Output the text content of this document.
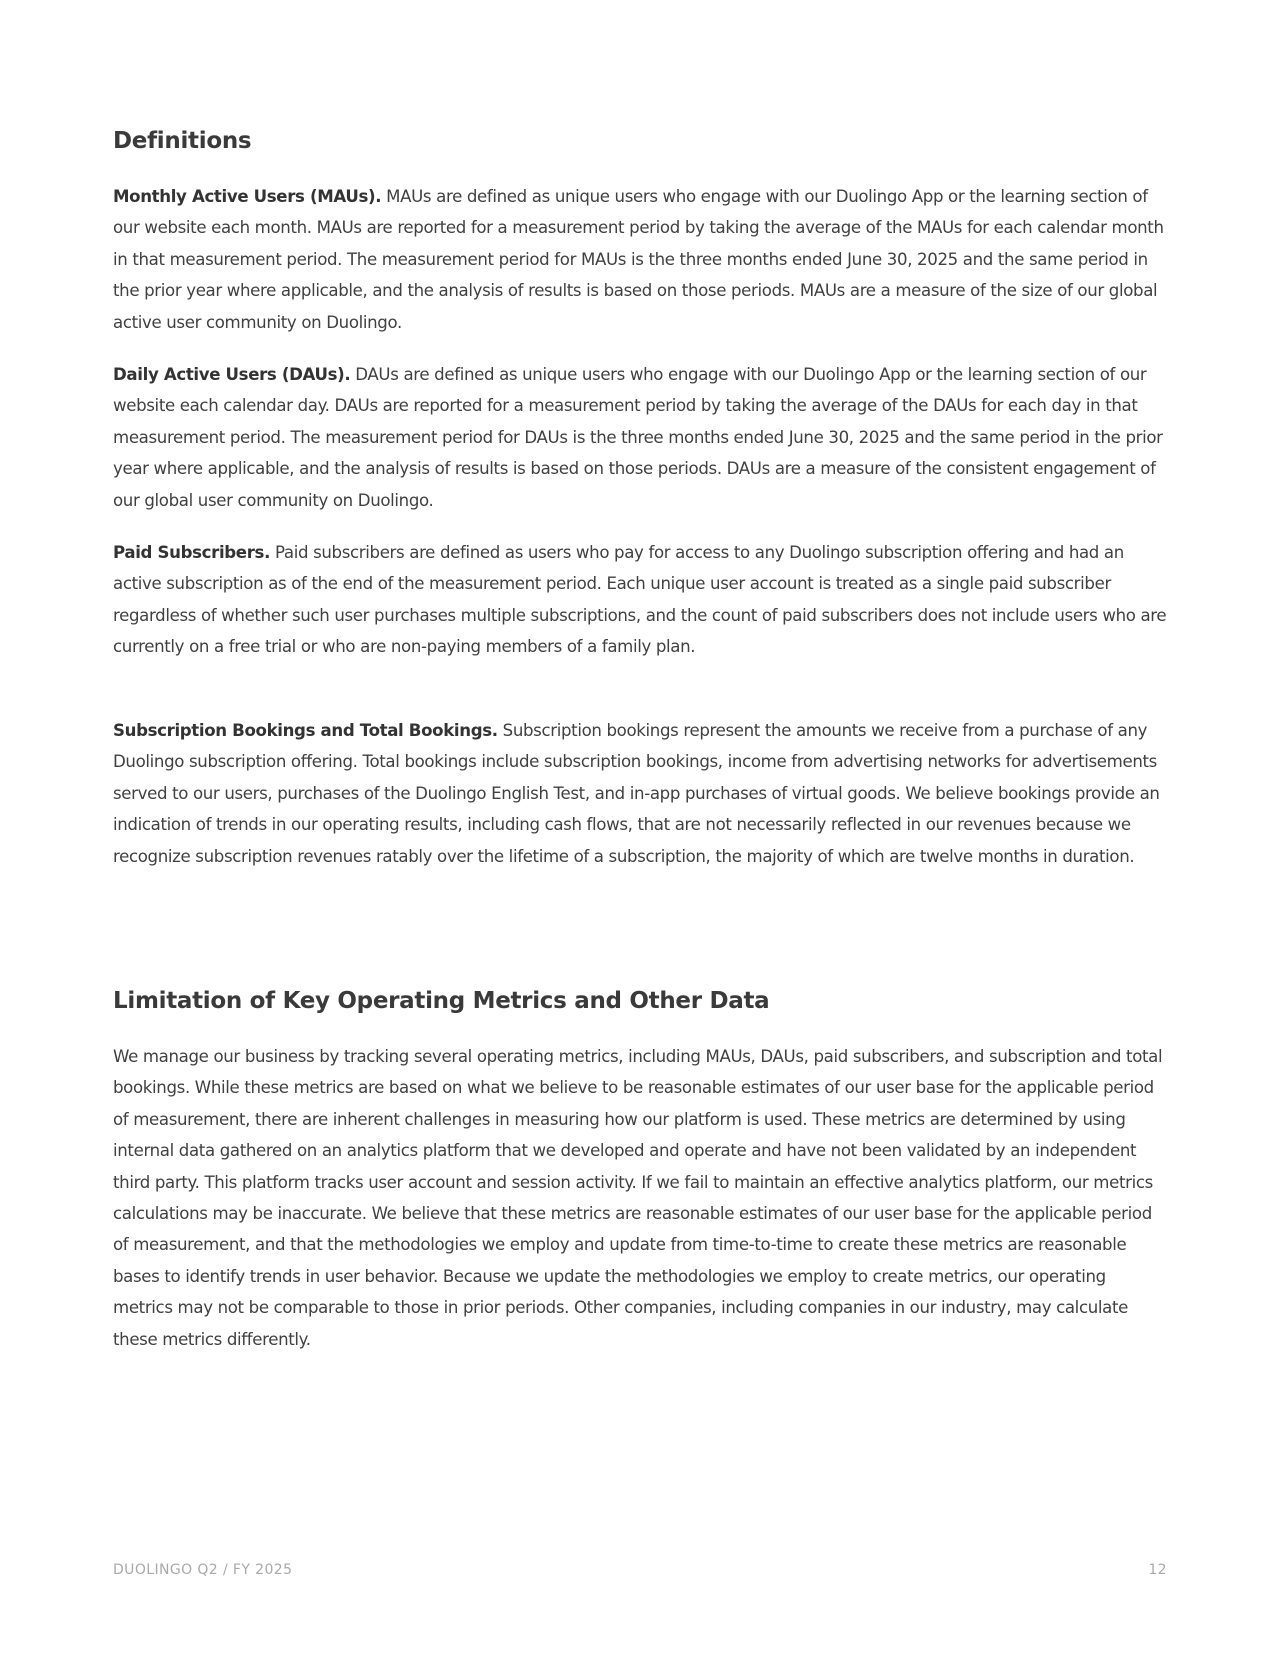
Definitions

Monthly Active Users (MAUs). MAUs are defined as unique users who engage with our Duolingo App or the learning section of our website each month. MAUs are reported for a measurement period by taking the average of the MAUs for each calendar month in that measurement period. The measurement period for MAUs is the three months ended June 30, 2025 and the same period in the prior year where applicable, and the analysis of results is based on those periods. MAUs are a measure of the size of our global active user community on Duolingo.

Daily Active Users (DAUs). DAUs are defined as unique users who engage with our Duolingo App or the learning section of our website each calendar day. DAUs are reported for a measurement period by taking the average of the DAUs for each day in that measurement period. The measurement period for DAUs is the three months ended June 30, 2025 and the same period in the prior year where applicable, and the analysis of results is based on those periods. DAUs are a measure of the consistent engagement of our global user community on Duolingo.

Paid Subscribers. Paid subscribers are defined as users who pay for access to any Duolingo subscription offering and had an active subscription as of the end of the measurement period. Each unique user account is treated as a single paid subscriber regardless of whether such user purchases multiple subscriptions, and the count of paid subscribers does not include users who are currently on a free trial or who are non-paying members of a family plan.

Subscription Bookings and Total Bookings. Subscription bookings represent the amounts we receive from a purchase of any Duolingo subscription offering. Total bookings include subscription bookings, income from advertising networks for advertisements served to our users, purchases of the Duolingo English Test, and in-app purchases of virtual goods. We believe bookings provide an indication of trends in our operating results, including cash flows, that are not necessarily reflected in our revenues because we recognize subscription revenues ratably over the lifetime of a subscription, the majority of which are twelve months in duration.

Limitation of Key Operating Metrics and Other Data

We manage our business by tracking several operating metrics, including MAUs, DAUs, paid subscribers, and subscription and total bookings. While these metrics are based on what we believe to be reasonable estimates of our user base for the applicable period of measurement, there are inherent challenges in measuring how our platform is used. These metrics are determined by using internal data gathered on an analytics platform that we developed and operate and have not been validated by an independent third party. This platform tracks user account and session activity. If we fail to maintain an effective analytics platform, our metrics calculations may be inaccurate. We believe that these metrics are reasonable estimates of our user base for the applicable period of measurement, and that the methodologies we employ and update from time-to-time to create these metrics are reasonable bases to identify trends in user behavior. Because we update the methodologies we employ to create metrics, our operating metrics may not be comparable to those in prior periods. Other companies, including companies in our industry, may calculate these metrics differently.

DUOLINGO Q2 / FY 2025	12
